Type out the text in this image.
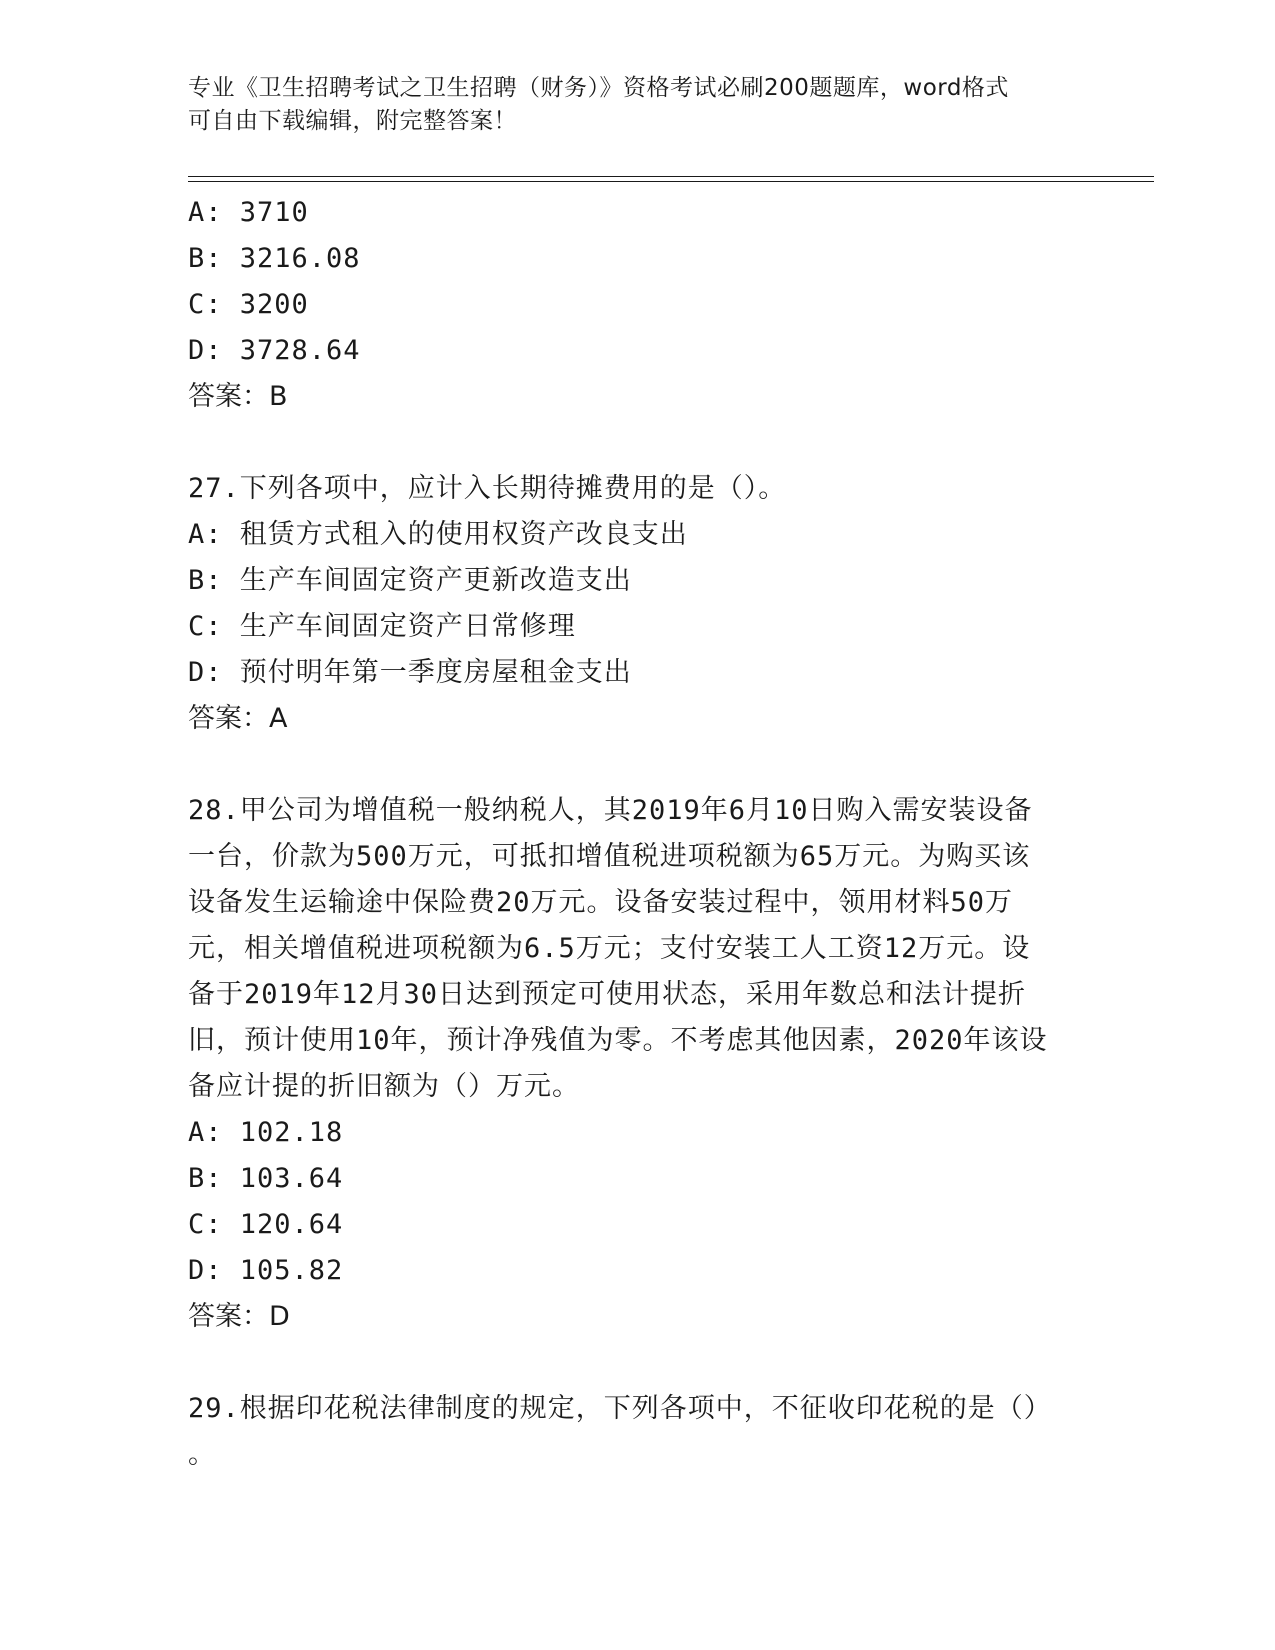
专业《卫生招聘考试之卫生招聘（财务）》资格考试必刷200题题库，word格式
可自由下载编辑，附完整答案！
A: 3710
B: 3216.08
C: 3200
D: 3728.64
答案：B
27.下列各项中，应计入长期待摊费用的是（）。
A: 租赁方式租入的使用权资产改良支出
B: 生产车间固定资产更新改造支出
C: 生产车间固定资产日常修理
D: 预付明年第一季度房屋租金支出
答案：A
28.甲公司为增值税一般纳税人，其2019年6月10日购入需安装设备
一台，价款为500万元，可抵扣增值税进项税额为65万元。为购买该
设备发生运输途中保险费20万元。设备安装过程中，领用材料50万
元，相关增值税进项税额为6.5万元；支付安装工人工资12万元。设
备于2019年12月30日达到预定可使用状态，采用年数总和法计提折
旧，预计使用10年，预计净残值为零。不考虑其他因素，2020年该设
备应计提的折旧额为（）万元。
A: 102.18
B: 103.64
C: 120.64
D: 105.82
答案：D
29.根据印花税法律制度的规定，下列各项中，不征收印花税的是（）
。
